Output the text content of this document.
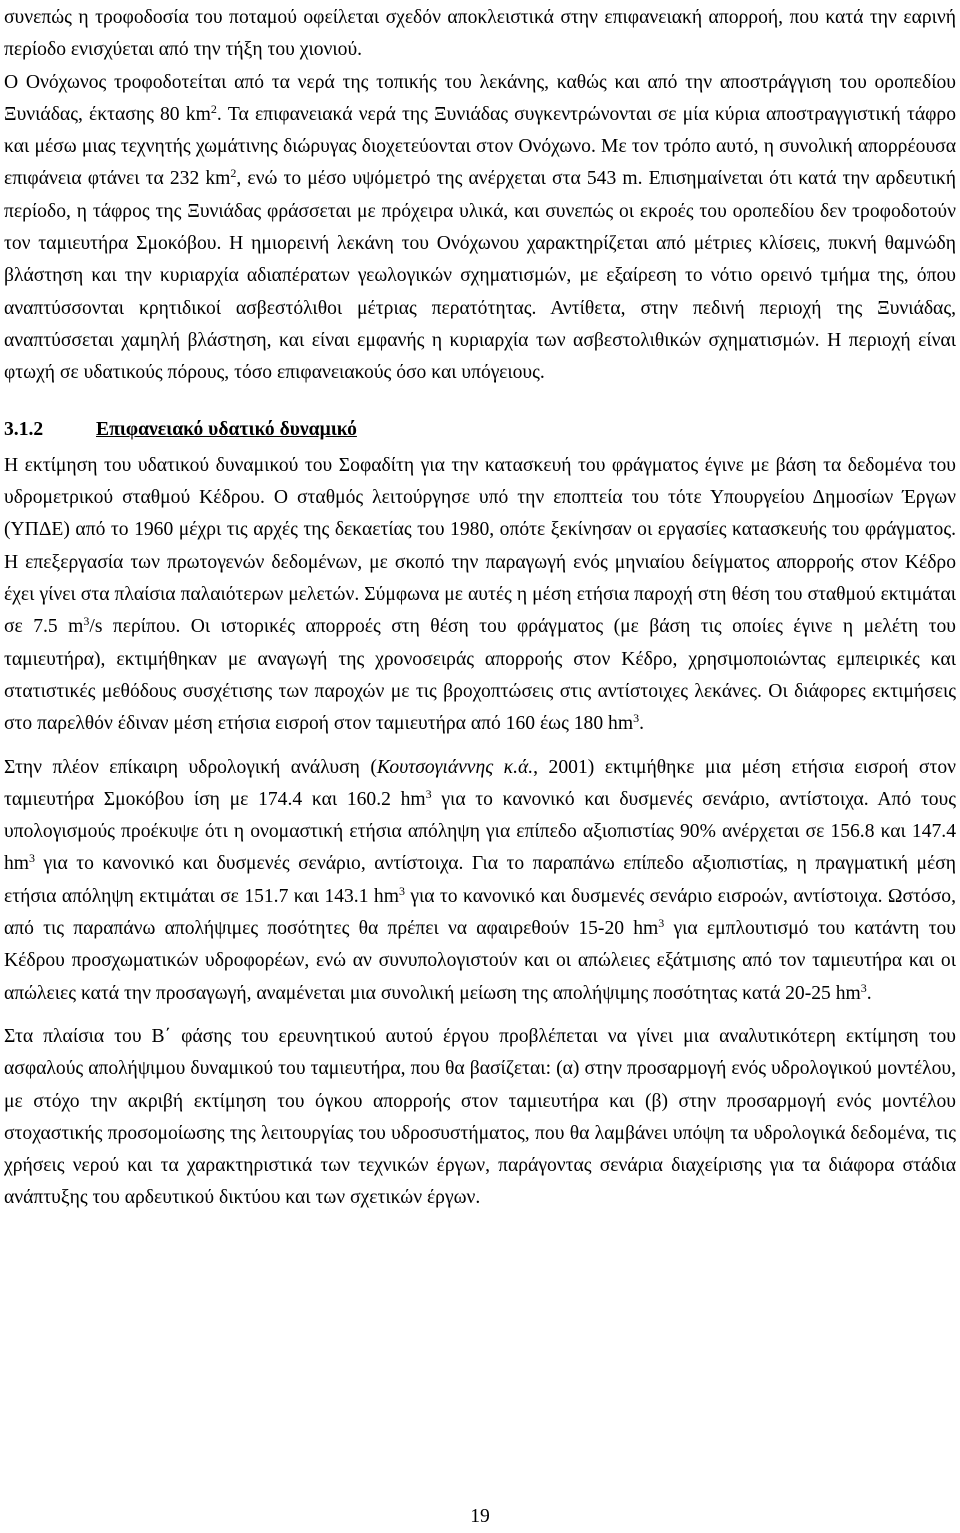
συνεπώς η τροφοδοσία του ποταμού οφείλεται σχεδόν αποκλειστικά στην επιφανειακή απορροή, που κατά την εαρινή περίοδο ενισχύεται από την τήξη του χιονιού.

Ο Ονόχωνος τροφοδοτείται από τα νερά της τοπικής του λεκάνης, καθώς και από την αποστράγγιση του οροπεδίου Ξυνιάδας, έκτασης 80 $km^2$. Τα επιφανειακά νερά της Ξυνιάδας συγκεντρώνονται σε μία κύρια αποστραγγιστική τάφρο και μέσω μιας τεχνητής χωμάτινης διώρυγας διοχετεύονται στον Ονόχωνο. Με τον τρόπο αυτό, η συνολική απορρέουσα επιφάνεια φτάνει τα 232 $km^2$, ενώ το μέσο υψόμετρό της ανέρχεται στα 543 m. Επισημαίνεται ότι κατά την αρδευτική περίοδο, η τάφρος της Ξυνιάδας φράσσεται με πρόχειρα υλικά, και συνεπώς οι εκροές του οροπεδίου δεν τροφοδοτούν τον ταμιευτήρα Σμοκόβου. Η ημιορεινή λεκάνη του Ονόχωνου χαρακτηρίζεται από μέτριες κλίσεις, πυκνή θαμνώδη βλάστηση και την κυριαρχία αδιαπέρατων γεωλογικών σχηματισμών, με εξαίρεση το νότιο ορεινό τμήμα της, όπου αναπτύσσονται κρητιδικοί ασβεστόλιθοι μέτριας περατότητας. Αντίθετα, στην πεδινή περιοχή της Ξυνιάδας, αναπτύσσεται χαμηλή βλάστηση, και είναι εμφανής η κυριαρχία των ασβεστολιθικών σχηματισμών. Η περιοχή είναι φτωχή σε υδατικούς πόρους, τόσο επιφανειακούς όσο και υπόγειους.

3.1.2	Επιφανειακό υδατικό δυναμικό

Η εκτίμηση του υδατικού δυναμικού του Σοφαδίτη για την κατασκευή του φράγματος έγινε με βάση τα δεδομένα του υδρομετρικού σταθμού Κέδρου. Ο σταθμός λειτούργησε υπό την εποπτεία του τότε Υπουργείου Δημοσίων Έργων (ΥΠΔΕ) από το 1960 μέχρι τις αρχές της δεκαετίας του 1980, οπότε ξεκίνησαν οι εργασίες κατασκευής του φράγματος. Η επεξεργασία των πρωτογενών δεδομένων, με σκοπό την παραγωγή ενός μηνιαίου δείγματος απορροής στον Κέδρο έχει γίνει στα πλαίσια παλαιότερων μελετών. Σύμφωνα με αυτές η μέση ετήσια παροχή στη θέση του σταθμού εκτιμάται σε 7.5 $m^3/s$ περίπου. Οι ιστορικές απορροές στη θέση του φράγματος (με βάση τις οποίες έγινε η μελέτη του ταμιευτήρα), εκτιμήθηκαν με αναγωγή της χρονοσειράς απορροής στον Κέδρο, χρησιμοποιώντας εμπειρικές και στατιστικές μεθόδους συσχέτισης των παροχών με τις βροχοπτώσεις στις αντίστοιχες λεκάνες. Οι διάφορες εκτιμήσεις στο παρελθόν έδιναν μέση ετήσια εισροή στον ταμιευτήρα από 160 έως 180 $hm^3$.

Στην πλέον επίκαιρη υδρολογική ανάλυση (Κουτσογιάννης κ.ά., 2001) εκτιμήθηκε μια μέση ετήσια εισροή στον ταμιευτήρα Σμοκόβου ίση με 174.4 και 160.2 $hm^3$ για το κανονικό και δυσμενές σενάριο, αντίστοιχα. Από τους υπολογισμούς προέκυψε ότι η ονομαστική ετήσια απόληψη για επίπεδο αξιοπιστίας 90% ανέρχεται σε 156.8 και 147.4 $hm^3$ για το κανονικό και δυσμενές σενάριο, αντίστοιχα. Για το παραπάνω επίπεδο αξιοπιστίας, η πραγματική μέση ετήσια απόληψη εκτιμάται σε 151.7 και 143.1 $hm^3$ για το κανονικό και δυσμενές σενάριο εισροών, αντίστοιχα. Ωστόσο, από τις παραπάνω απολήψιμες ποσότητες θα πρέπει να αφαιρεθούν 15-20 $hm^3$ για εμπλουτισμό του κατάντη του Κέδρου προσχωματικών υδροφορέων, ενώ αν συνυπολογιστούν και οι απώλειες εξάτμισης από τον ταμιευτήρα και οι απώλειες κατά την προσαγωγή, αναμένεται μια συνολική μείωση της απολήψιμης ποσότητας κατά 20-25 $hm^3$.

Στα πλαίσια του Β΄ φάσης του ερευνητικού αυτού έργου προβλέπεται να γίνει μια αναλυτικότερη εκτίμηση του ασφαλούς απολήψιμου δυναμικού του ταμιευτήρα, που θα βασίζεται: (α) στην προσαρμογή ενός υδρολογικού μοντέλου, με στόχο την ακριβή εκτίμηση του όγκου απορροής στον ταμιευτήρα και (β) στην προσαρμογή ενός μοντέλου στοχαστικής προσομοίωσης της λειτουργίας του υδροσυστήματος, που θα λαμβάνει υπόψη τα υδρολογικά δεδομένα, τις χρήσεις νερού και τα χαρακτηριστικά των τεχνικών έργων, παράγοντας σενάρια διαχείρισης για τα διάφορα στάδια ανάπτυξης του αρδευτικού δικτύου και των σχετικών έργων.

19
